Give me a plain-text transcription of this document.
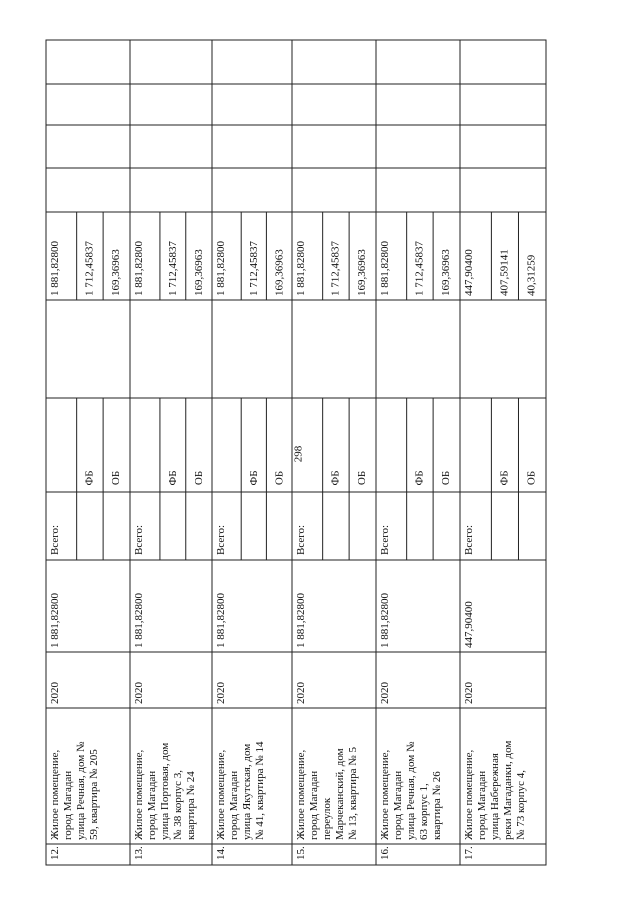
298
12.
Жилое помещение, город Магадан улица Речная, дом № 59, квартира № 205
2020
1 881,82800
Всего:
1 881,82800
ФБ
1 712,45837
ОБ
169,36963
13.
Жилое помещение, город Магадан улица Портовая, дом № 38 корпус 3, квартира № 24
2020
1 881,82800
Всего:
1 881,82800
ФБ
1 712,45837
ОБ
169,36963
14.
Жилое помещение, город Магадан улица Якутская, дом № 41, квартира № 14
2020
1 881,82800
Всего:
1 881,82800
ФБ
1 712,45837
ОБ
169,36963
15.
Жилое помещение, город Магадан переулок Марчеканский, дом № 13, квартира № 5
2020
1 881,82800
Всего:
1 881,82800
ФБ
1 712,45837
ОБ
169,36963
16.
Жилое помещение, город Магадан улица Речная, дом № 63 корпус 1, квартира № 26
2020
1 881,82800
Всего:
1 881,82800
ФБ
1 712,45837
ОБ
169,36963
17.
Жилое помещение, город Магадан улица Набережная реки Магаданки, дом № 73 корпус 4,
2020
447,90400
Всего:
447,90400
ФБ
407,59141
ОБ
40,31259
